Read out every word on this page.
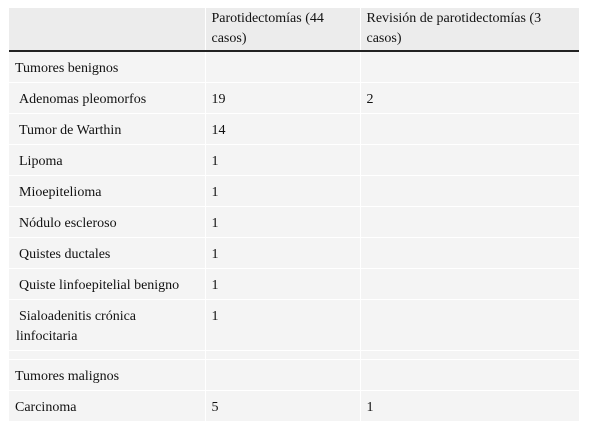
	Parotidectomías (44 casos)	Revisión de parotidectomías (3 casos)
Tumores benignos		
Adenomas pleomorfos	19	2
Tumor de Warthin	14	
Lipoma	1	
Mioepitelioma	1	
Nódulo escleroso	1	
Quistes ductales	1	
Quiste linfoepitelial benigno	1	
Sialoadenitis crónica linfocitaria	1	

Tumores malignos		
Carcinoma	5	1
